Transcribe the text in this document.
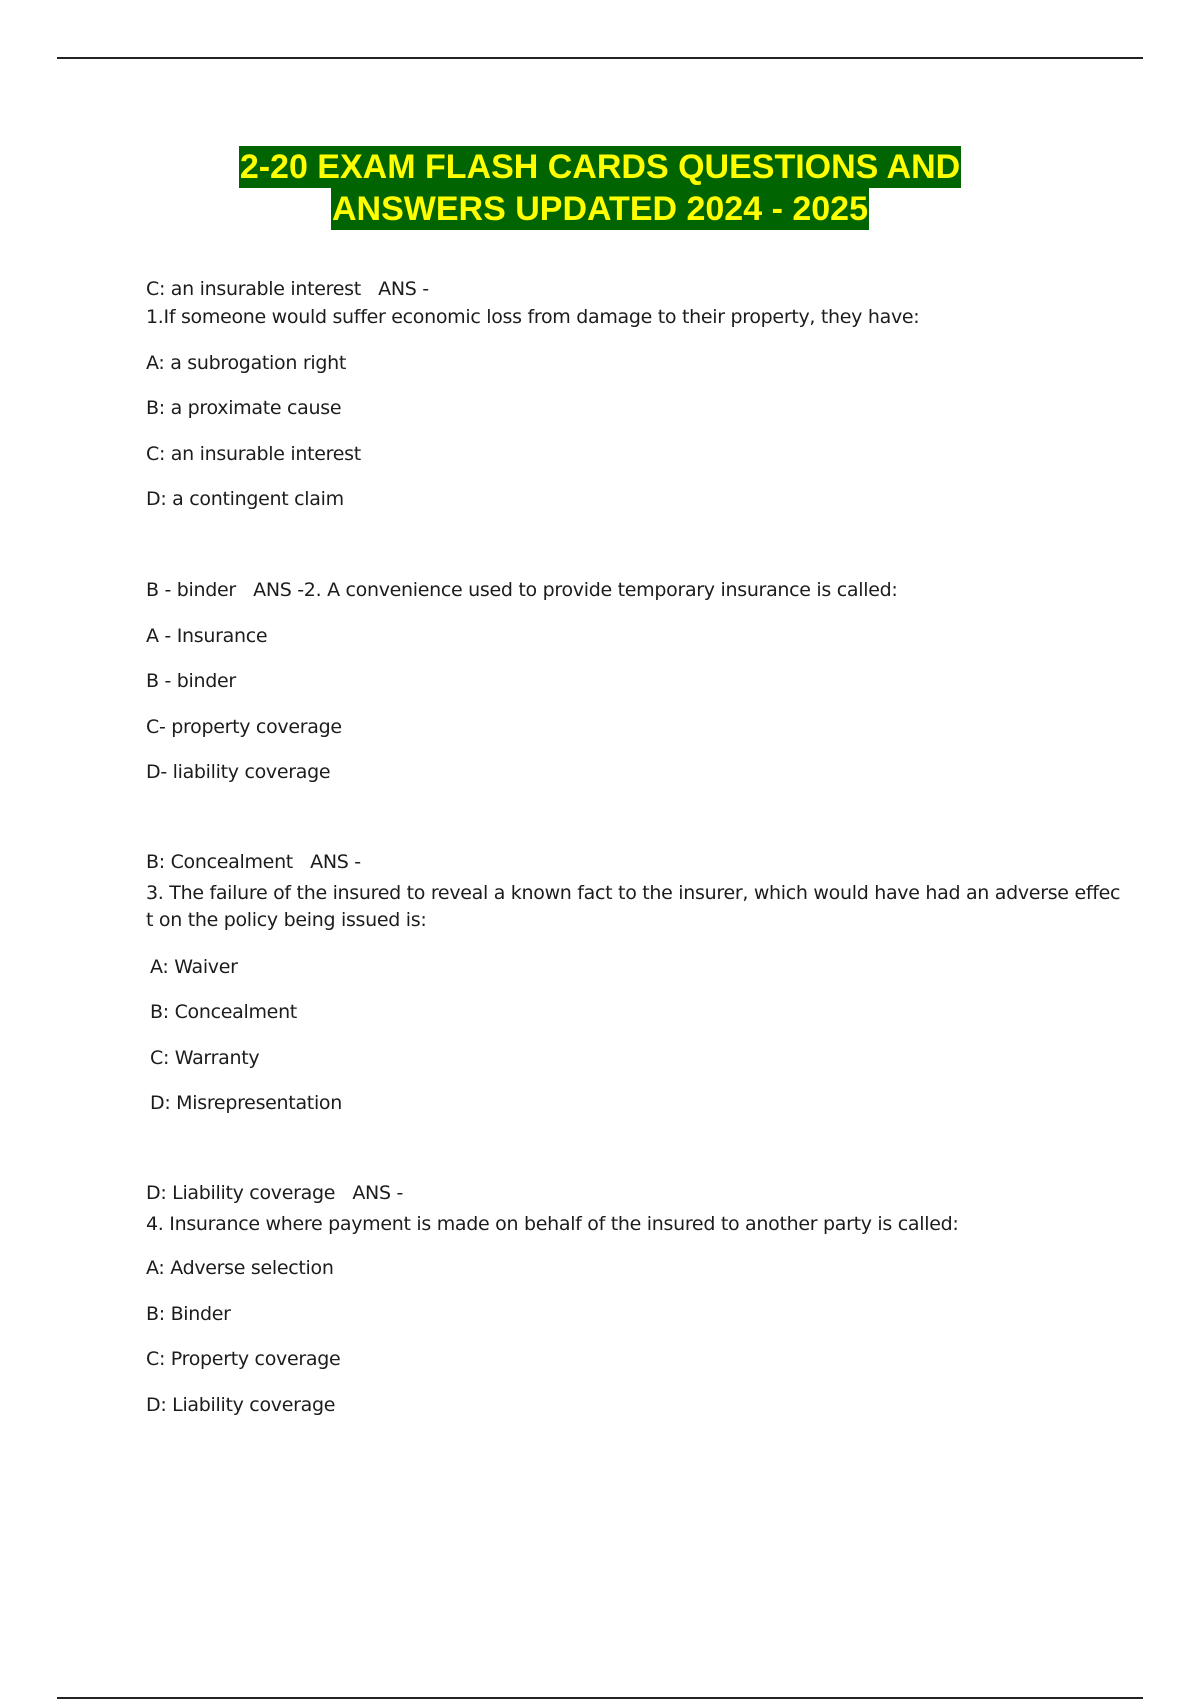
2-20 EXAM FLASH CARDS QUESTIONS AND
ANSWERS UPDATED 2024 - 2025
C: an insurable interest   ANS -
1.If someone would suffer economic loss from damage to their property, they have:
A: a subrogation right
B: a proximate cause
C: an insurable interest
D: a contingent claim
B - binder   ANS -2. A convenience used to provide temporary insurance is called:
A - Insurance
B - binder
C- property coverage
D- liability coverage
B: Concealment   ANS -
3. The failure of the insured to reveal a known fact to the insurer, which would have had an adverse effec
t on the policy being issued is:
A: Waiver
B: Concealment
C: Warranty
D: Misrepresentation
D: Liability coverage   ANS -
4. Insurance where payment is made on behalf of the insured to another party is called:
A: Adverse selection
B: Binder
C: Property coverage
D: Liability coverage
